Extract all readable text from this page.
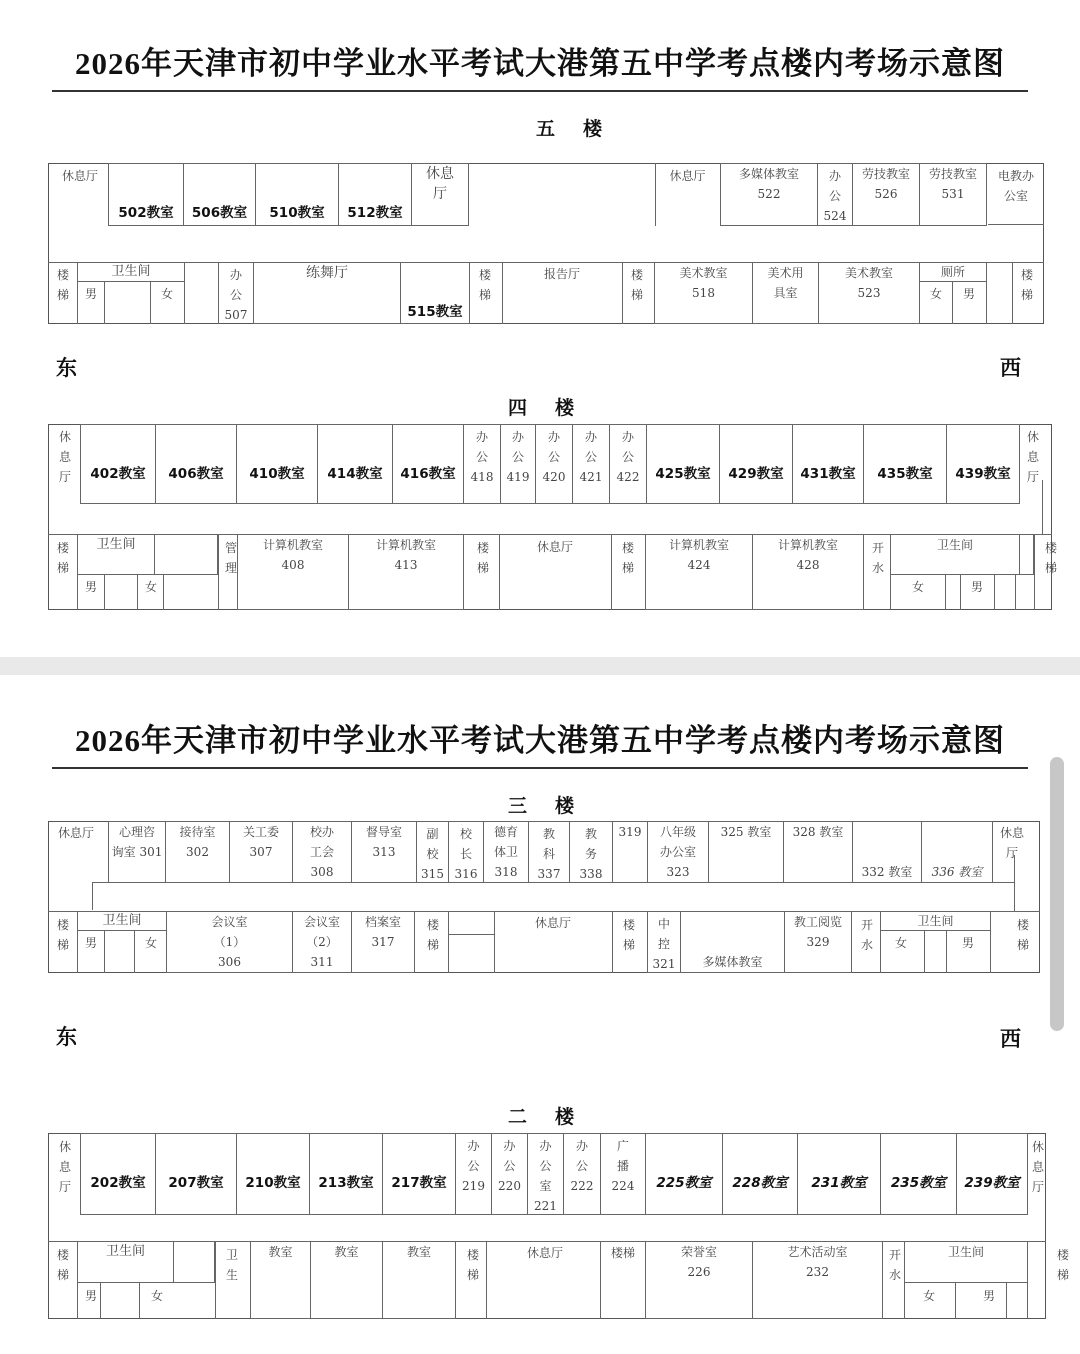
2026年天津市初中学业水平考试大港第五中学考点楼内考场示意图
五楼
休息厅

502教室

	506教室

	510教室

	512教室

休息
厅
休息厅	多媒体教室
522
办
公
524
劳技教室
526
劳技教室
531
电教办
公室
楼
梯
卫生间
男	女
办
公
507
练舞厅

515教室

楼
梯
报告厅	楼
梯
美术教室
518
美术用
具室
美术教室
523
厕所
女	男
楼
梯
东	西
四楼
休
息
厅

	402教室

	406教室

	410教室

	414教室

	416教室

办
公
418
办
公
419
办
公
420
办
公
421
办
公
422

	425教室

	429教室

	431教室

	435教室

	439教室

休
息
厅
楼
梯
卫生间
男	女
管
理
计算机教室
408
计算机教室
413
楼
梯
休息厅	楼
梯
计算机教室
424
计算机教室
428
开
水
卫生间
女	男
楼
梯
2026年天津市初中学业水平考试大港第五中学考点楼内考场示意图
三楼
休息厅	心理咨
询室 301
接待室
302
关工委
307
校办
工会
308
督导室
313
副
校
315
校
长
316
德育
体卫
318
教
科
337
教
务
338
319	八年级
办公室
323
325 教室	328 教室

332 教室

	336 教室

休息
厅
楼
梯
卫生间
男	女
会议室
（1）
306
会议室
（2）
311
档案室
317
楼
梯
休息厅	楼
梯
中
控
321

	多媒体教室

教工阅览
329
开
水
卫生间
女	男
楼
梯
东	西
二楼
休
息
厅

	202教室

	207教室

	210教室

	213教室

	217教室

办
公
219
办
公
220
办
公
室
221
办
公
222
广
播
224

	225教室

	228教室

	231教室

	235教室

	239教室

休
息
厅
楼
梯
卫生间
男	女
卫
生
教室	教室	教室	楼
梯
休息厅	楼梯	荣誉室
226
艺术活动室
232
开
水
卫生间
女	男
楼
梯
